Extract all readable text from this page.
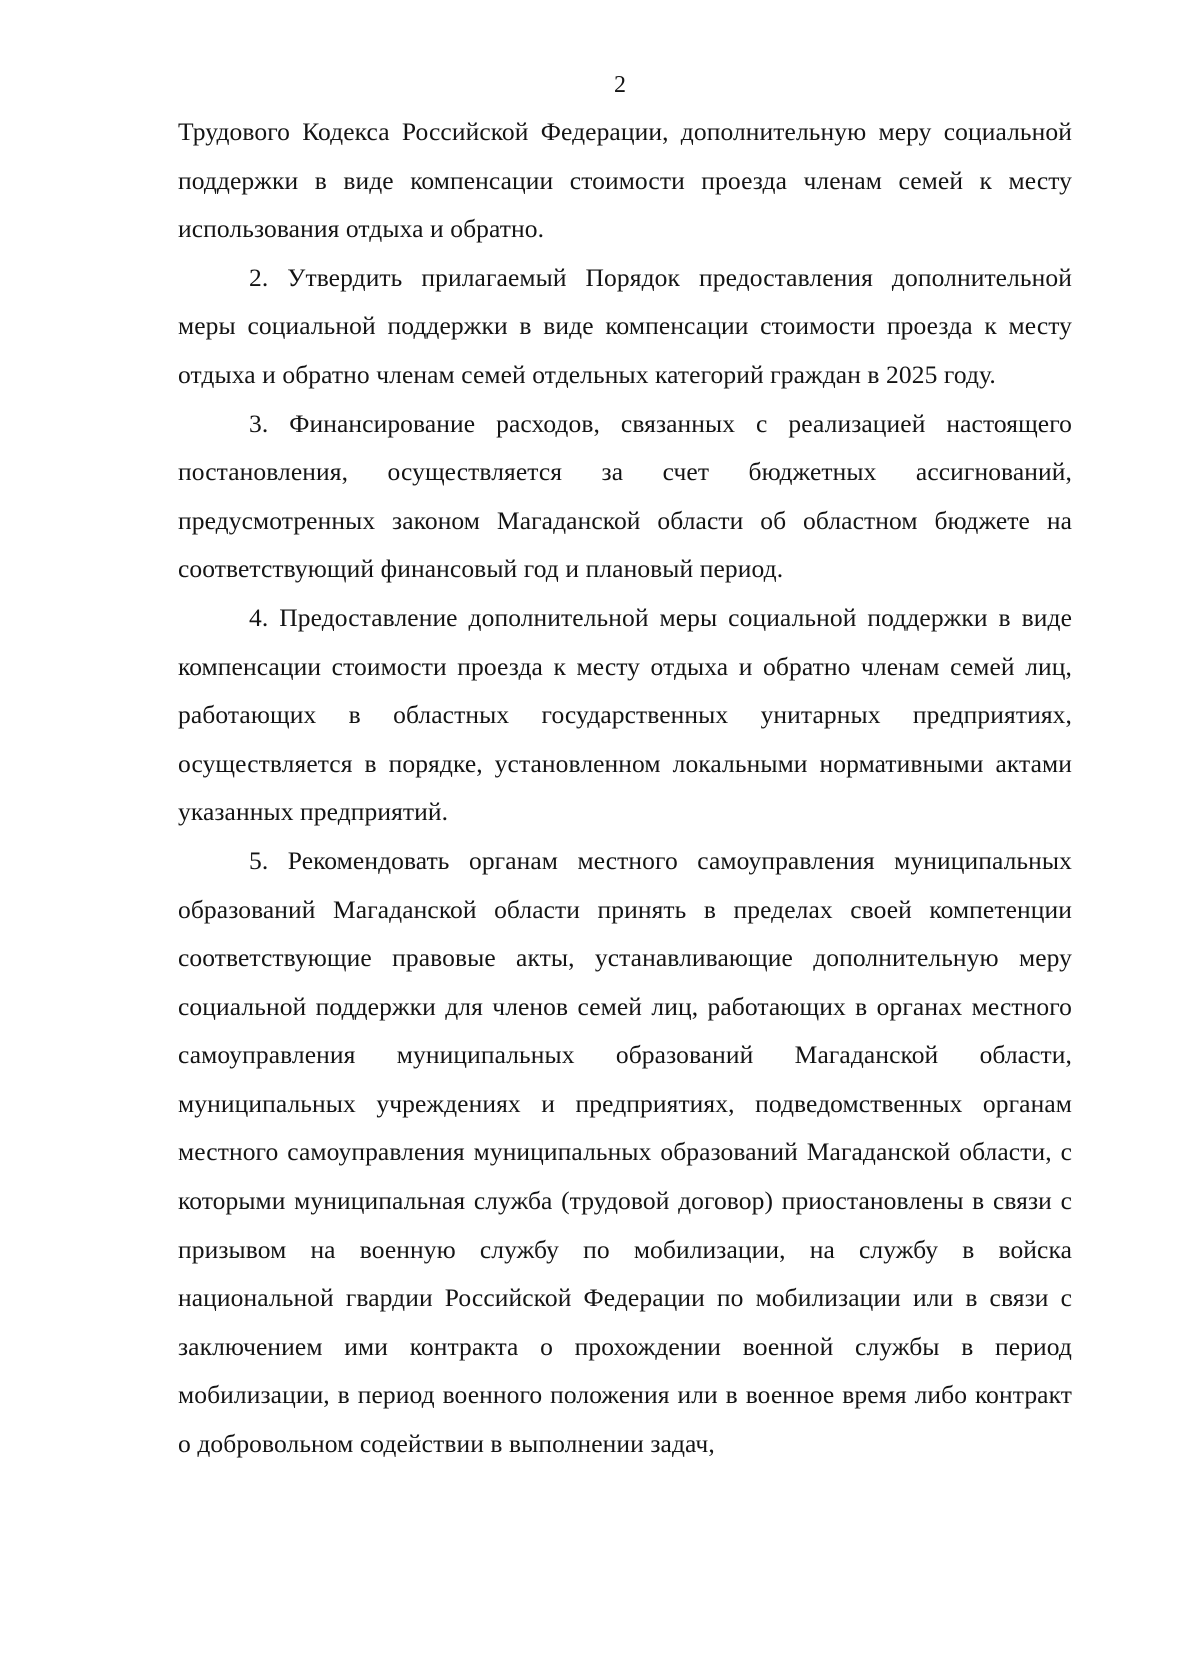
2

Трудового Кодекса Российской Федерации, дополнительную меру социальной поддержки в виде компенсации стоимости проезда членам семей к месту использования отдыха и обратно.

2. Утвердить прилагаемый Порядок предоставления дополнительной меры социальной поддержки в виде компенсации стоимости проезда к месту отдыха и обратно членам семей отдельных категорий граждан в 2025 году.

3. Финансирование расходов, связанных с реализацией настоящего постановления, осуществляется за счет бюджетных ассигнований, предусмотренных законом Магаданской области об областном бюджете на соответствующий финансовый год и плановый период.

4. Предоставление дополнительной меры социальной поддержки в виде компенсации стоимости проезда к месту отдыха и обратно членам семей лиц, работающих в областных государственных унитарных предприятиях, осуществляется в порядке, установленном локальными нормативными актами указанных предприятий.

5. Рекомендовать органам местного самоуправления муниципальных образований Магаданской области принять в пределах своей компетенции соответствующие правовые акты, устанавливающие дополнительную меру социальной поддержки для членов семей лиц, работающих в органах местного самоуправления муниципальных образований Магаданской области, муниципальных учреждениях и предприятиях, подведомственных органам местного самоуправления муниципальных образований Магаданской области, с которыми муниципальная служба (трудовой договор) приостановлены в связи с призывом на военную службу по мобилизации, на службу в войска национальной гвардии Российской Федерации по мобилизации или в связи с заключением ими контракта о прохождении военной службы в период мобилизации, в период военного положения или в военное время либо контракт о добровольном содействии в выполнении задач,
